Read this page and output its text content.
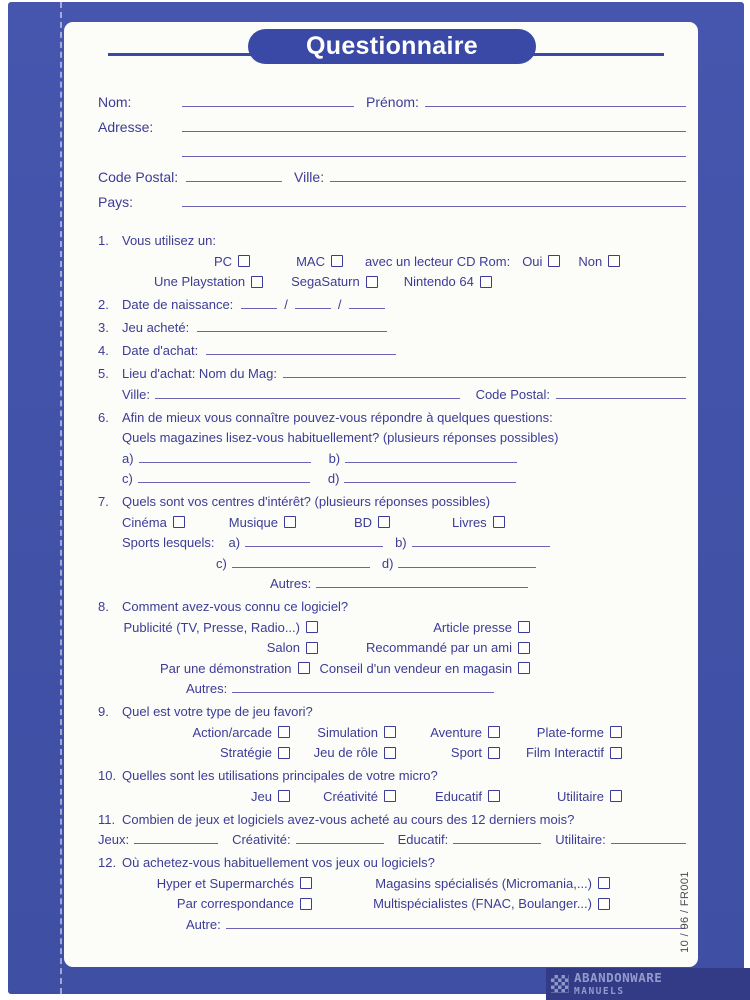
Questionnaire
Nom:	Prénom:
Adresse:
Code Postal:	Ville:
Pays:
1.	Vous utilisez un:
PC	MAC	avec un lecteur CD Rom: Oui	Non
Une Playstation	SegaSaturn	Nintendo 64
2.	Date de naissance:	/	/
3.	Jeu acheté:
4.	Date d'achat:
5.	Lieu d'achat: Nom du Mag:
Ville:	Code Postal:
6.	Afin de mieux vous connaître pouvez-vous répondre à quelques questions:
Quels magazines lisez-vous habituellement? (plusieurs réponses possibles)
a)	b)
c)	d)
7.	Quels sont vos centres d'intérêt? (plusieurs réponses possibles)
Cinéma	Musique	BD	Livres
Sports lesquels: a)	b)
c)	d)
Autres:
8.	Comment avez-vous connu ce logiciel?
Publicité (TV, Presse, Radio...)	Article presse
Salon	Recommandé par un ami
Par une démonstration	Conseil d'un vendeur en magasin
Autres:
9.	Quel est votre type de jeu favori?
Action/arcade	Simulation	Aventure	Plate-forme
Stratégie	Jeu de rôle	Sport	Film Interactif
10. Quelles sont les utilisations principales de votre micro?
Jeu	Créativité	Educatif	Utilitaire
11. Combien de jeux et logiciels avez-vous acheté au cours des 12 derniers mois?
Jeux:	Créativité:	Educatif:	Utilitaire:
12. Où achetez-vous habituellement vos jeux ou logiciels?
Hyper et Supermarchés	Magasins spécialisés (Micromania,...)
Par correspondance	Multispécialistes (FNAC, Boulanger...)
Autre:	10 / 96 / FR001
ABANDONWARE
MANUELS
